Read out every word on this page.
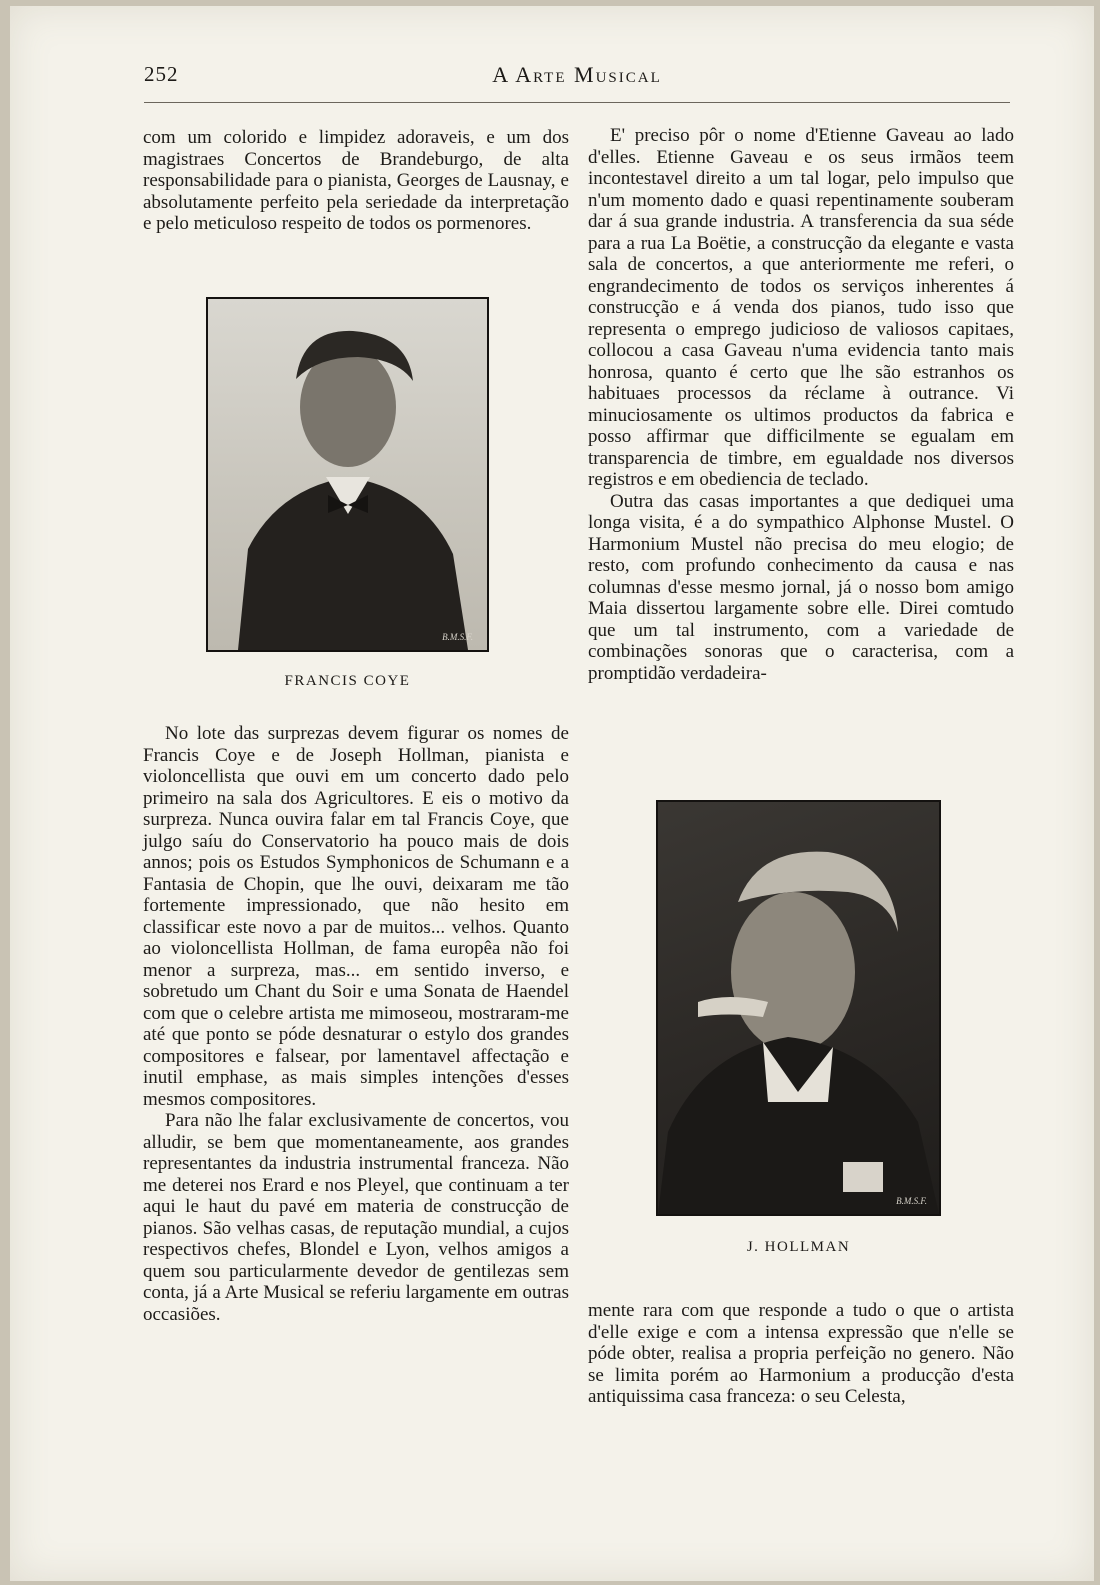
252	A Arte Musical

com um colorido e limpidez adoraveis, e um dos magistraes Concertos de Brandeburgo, de alta responsabilidade para o pianista, Georges de Lausnay, e absolutamente perfeito pela seriedade da interpretação e pelo meticuloso respeito de todos os pormenores.

B.M.S.F.
FRANCIS COYE

No lote das surprezas devem figurar os nomes de Francis Coye e de Joseph Hollman, pianista e violoncellista que ouvi em um concerto dado pelo primeiro na sala dos Agricultores. E eis o motivo da surpreza. Nunca ouvira falar em tal Francis Coye, que julgo saíu do Conservatorio ha pouco mais de dois annos; pois os Estudos Symphonicos de Schumann e a Fantasia de Chopin, que lhe ouvi, deixaram me tão fortemente impressionado, que não hesito em classificar este novo a par de muitos... velhos. Quanto ao violoncellista Hollman, de fama europêa não foi menor a surpreza, mas... em sentido inverso, e sobretudo um Chant du Soir e uma Sonata de Haendel com que o celebre artista me mimoseou, mostraram-me até que ponto se póde desnaturar o estylo dos grandes compositores e falsear, por lamentavel affectação e inutil emphase, as mais simples intenções d'esses mesmos compositores.

Para não lhe falar exclusivamente de concertos, vou alludir, se bem que momentaneamente, aos grandes representantes da industria instrumental franceza. Não me deterei nos Erard e nos Pleyel, que continuam a ter aqui le haut du pavé em materia de construcção de pianos. São velhas casas, de reputação mundial, a cujos respectivos chefes, Blondel e Lyon, velhos amigos a quem sou particularmente devedor de gentilezas sem conta, já a Arte Musical se referiu largamente em outras occasiões.

E' preciso pôr o nome d'Etienne Gaveau ao lado d'elles. Etienne Gaveau e os seus irmãos teem incontestavel direito a um tal logar, pelo impulso que n'um momento dado e quasi repentinamente souberam dar á sua grande industria. A transferencia da sua séde para a rua La Boëtie, a construcção da elegante e vasta sala de concertos, a que anteriormente me referi, o engrandecimento de todos os serviços inherentes á construcção e á venda dos pianos, tudo isso que representa o emprego judicioso de valiosos capitaes, collocou a casa Gaveau n'uma evidencia tanto mais honrosa, quanto é certo que lhe são estranhos os habituaes processos da réclame à outrance. Vi minuciosamente os ultimos productos da fabrica e posso affirmar que difficilmente se egualam em transparencia de timbre, em egualdade nos diversos registros e em obediencia de teclado.

Outra das casas importantes a que dediquei uma longa visita, é a do sympathico Alphonse Mustel. O Harmonium Mustel não precisa do meu elogio; de resto, com profundo conhecimento da causa e nas columnas d'esse mesmo jornal, já o nosso bom amigo Maia dissertou largamente sobre elle. Direi comtudo que um tal instrumento, com a variedade de combinações sonoras que o caracterisa, com a promptidão verdadeira-

B.M.S.F.
J. HOLLMAN

mente rara com que responde a tudo o que o artista d'elle exige e com a intensa expressão que n'elle se póde obter, realisa a propria perfeição no genero. Não se limita porém ao Harmonium a producção d'esta antiquissima casa franceza: o seu Celesta,
